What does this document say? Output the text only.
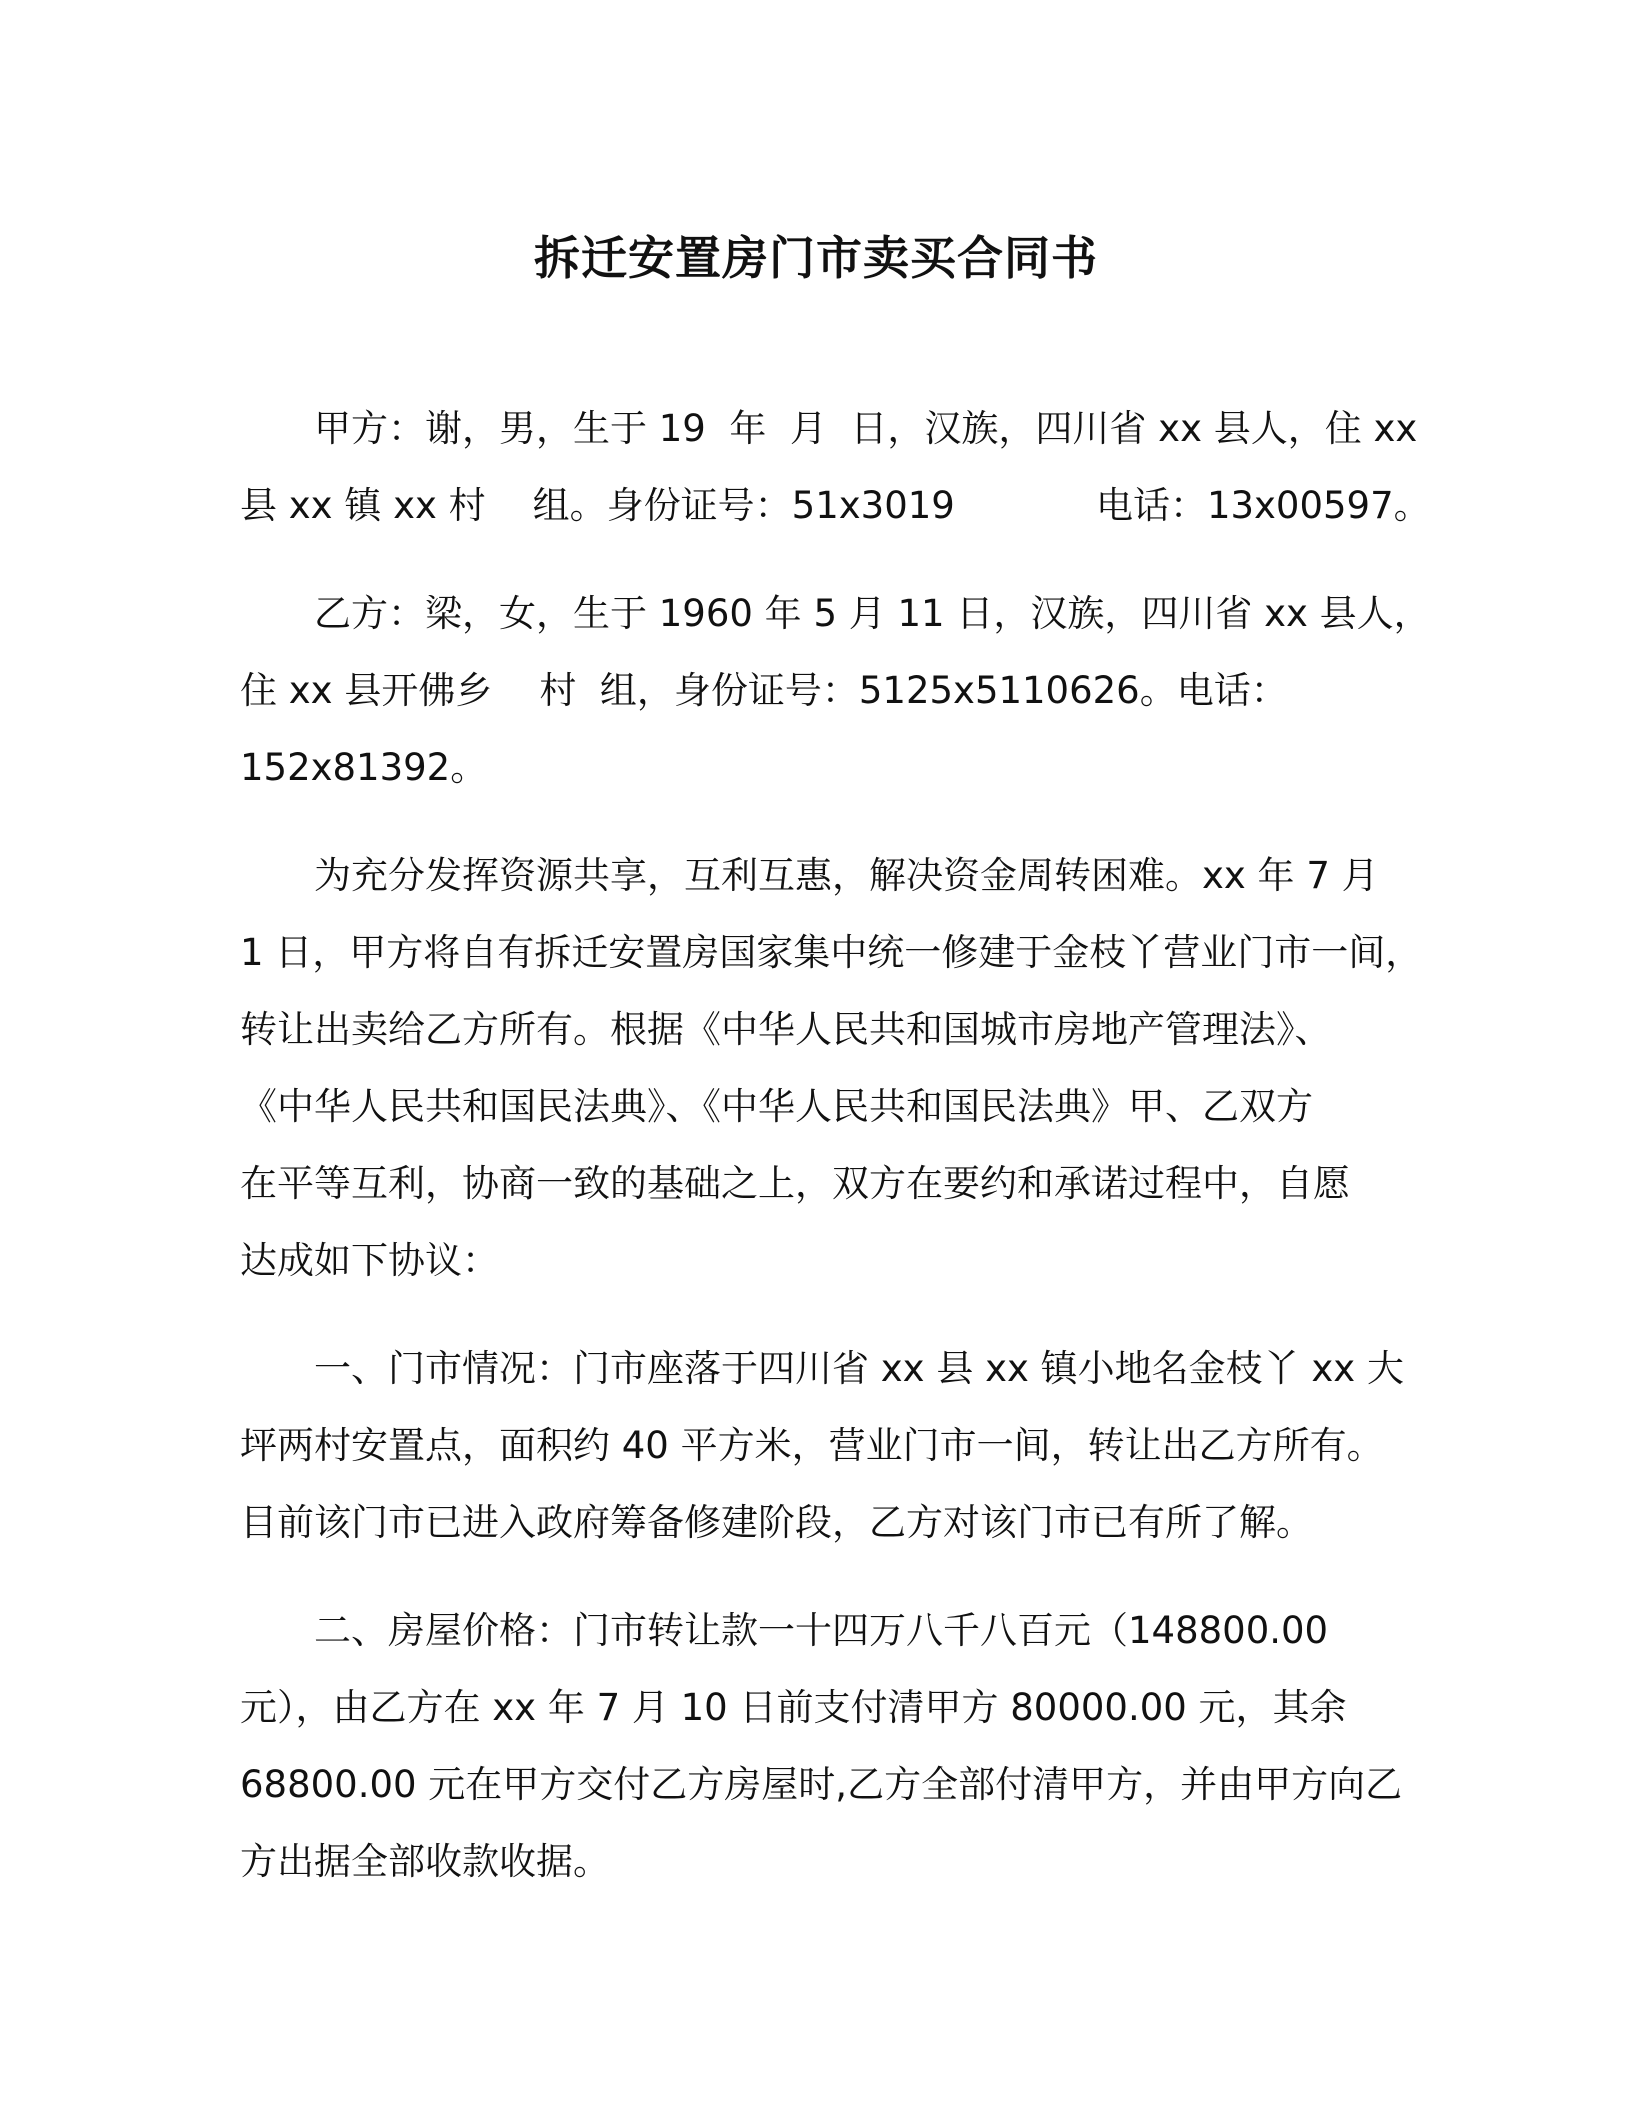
拆迁安置房门市卖买合同书
甲方：谢，男，生于 19  年  月  日，汉族，四川省 xx 县人，住 xx
县 xx 镇 xx 村    组。身份证号：51x3019            电话：13x00597。
乙方：梁，女，生于 1960 年 5 月 11 日，汉族，四川省 xx 县人，
住 xx 县开佛乡    村  组，身份证号：5125x5110626。电话：
152x81392。
为充分发挥资源共享，互利互惠，解决资金周转困难。xx 年 7 月
1 日，甲方将自有拆迁安置房国家集中统一修建于金枝丫营业门市一间，
转让出卖给乙方所有。根据《中华人民共和国城市房地产管理法》、
《中华人民共和国民法典》、《中华人民共和国民法典》甲、乙双方
在平等互利，协商一致的基础之上，双方在要约和承诺过程中，自愿
达成如下协议：
一、门市情况：门市座落于四川省 xx 县 xx 镇小地名金枝丫 xx 大
坪两村安置点，面积约 40 平方米，营业门市一间，转让出乙方所有。
目前该门市已进入政府筹备修建阶段，乙方对该门市已有所了解。
二、房屋价格：门市转让款一十四万八千八百元（148800.00
元），由乙方在 xx 年 7 月 10 日前支付清甲方 80000.00 元，其余
68800.00 元在甲方交付乙方房屋时,乙方全部付清甲方，并由甲方向乙
方出据全部收款收据。
